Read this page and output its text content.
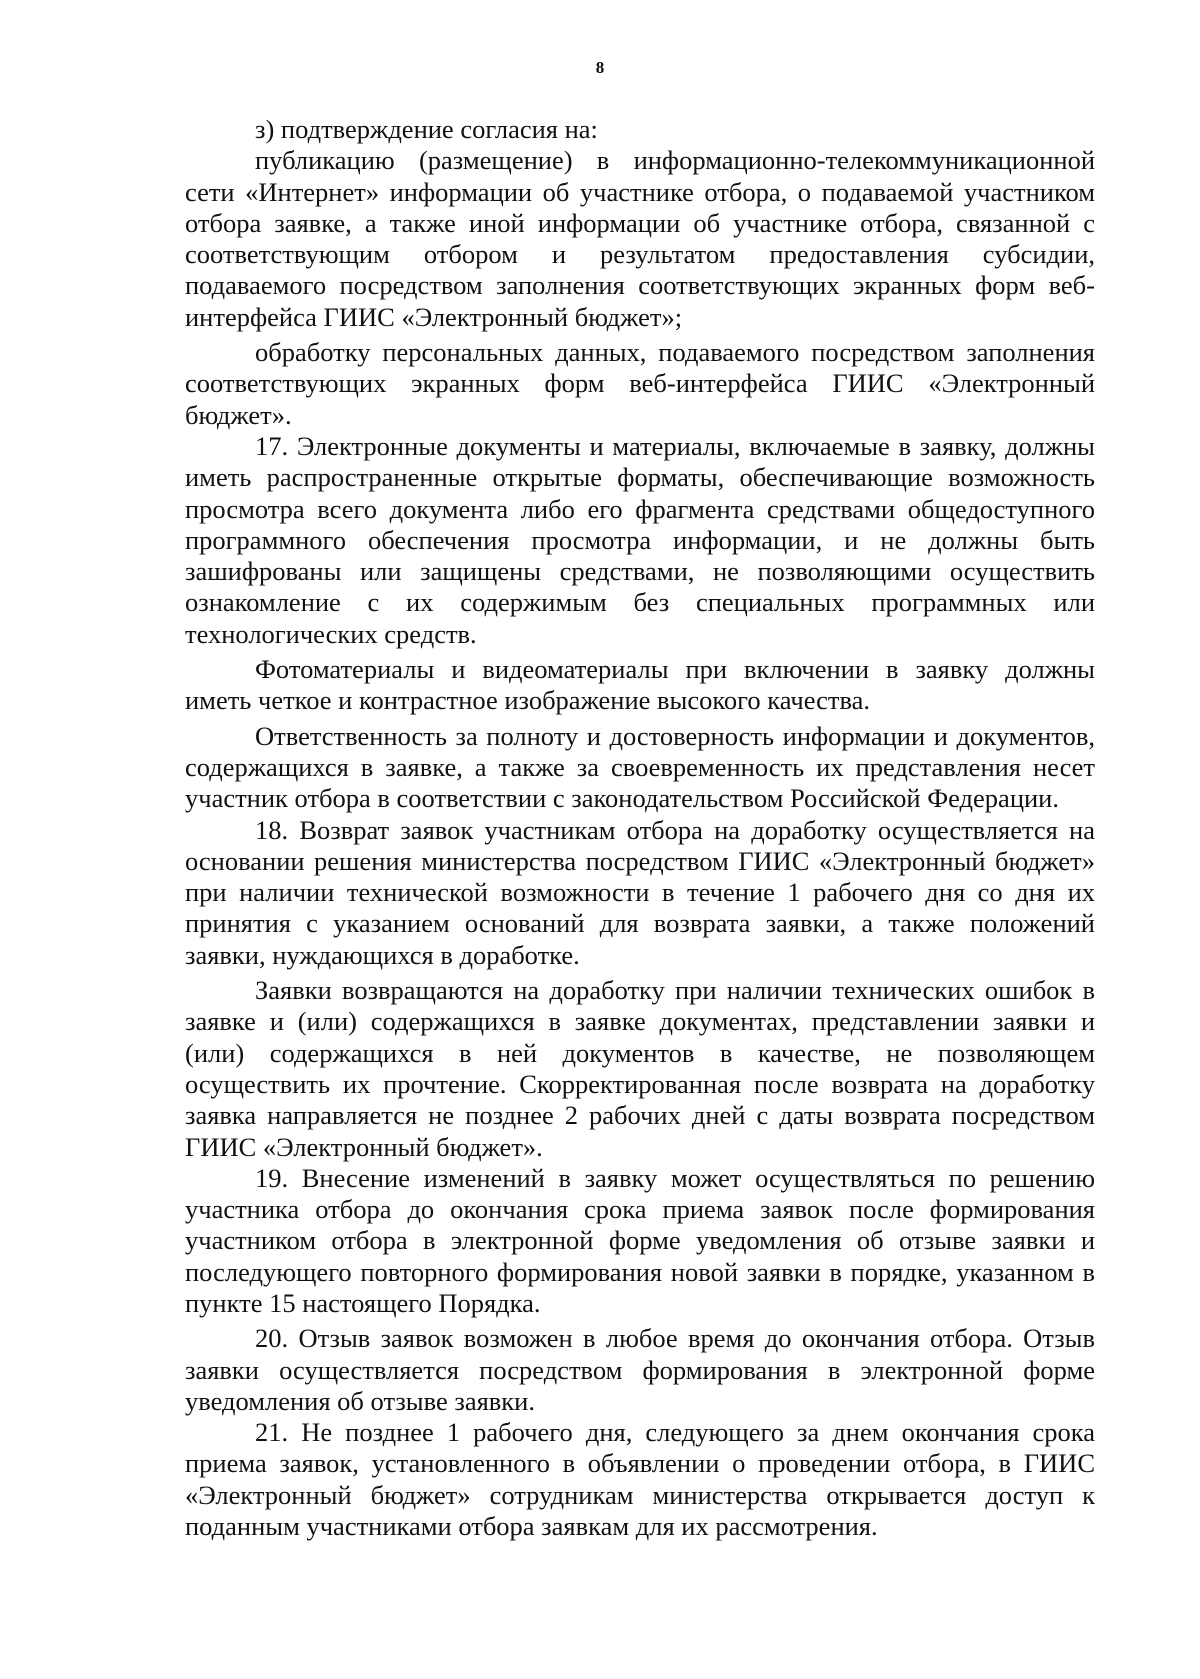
8

з) подтверждение согласия на:

публикацию (размещение) в информационно-телекоммуникационной сети «Интернет» информации об участнике отбора, о подаваемой участником отбора заявке, а также иной информации об участнике отбора, связанной с соответствующим отбором и результатом предоставления субсидии, подаваемого посредством заполнения соответствующих экранных форм веб-интерфейса ГИИС «Электронный бюджет»;

обработку персональных данных, подаваемого посредством заполнения соответствующих экранных форм веб-интерфейса ГИИС «Электронный бюджет».

17. Электронные документы и материалы, включаемые в заявку, должны иметь распространенные открытые форматы, обеспечивающие возможность просмотра всего документа либо его фрагмента средствами общедоступного программного обеспечения просмотра информации, и не должны быть зашифрованы или защищены средствами, не позволяющими осуществить ознакомление с их содержимым без специальных программных или технологических средств.

Фотоматериалы и видеоматериалы при включении в заявку должны иметь четкое и контрастное изображение высокого качества.

Ответственность за полноту и достоверность информации и документов, содержащихся в заявке, а также за своевременность их представления несет участник отбора в соответствии с законодательством Российской Федерации.

18. Возврат заявок участникам отбора на доработку осуществляется на основании решения министерства посредством ГИИС «Электронный бюджет» при наличии технической возможности в течение 1 рабочего дня со дня их принятия с указанием оснований для возврата заявки, а также положений заявки, нуждающихся в доработке.

Заявки возвращаются на доработку при наличии технических ошибок в заявке и (или) содержащихся в заявке документах, представлении заявки и (или) содержащихся в ней документов в качестве, не позволяющем осуществить их прочтение. Скорректированная после возврата на доработку заявка направляется не позднее 2 рабочих дней с даты возврата посредством ГИИС «Электронный бюджет».

19. Внесение изменений в заявку может осуществляться по решению участника отбора до окончания срока приема заявок после формирования участником отбора в электронной форме уведомления об отзыве заявки и последующего повторного формирования новой заявки в порядке, указанном в пункте 15 настоящего Порядка.

20. Отзыв заявок возможен в любое время до окончания отбора. Отзыв заявки осуществляется посредством формирования в электронной форме уведомления об отзыве заявки.

21. Не позднее 1 рабочего дня, следующего за днем окончания срока приема заявок, установленного в объявлении о проведении отбора, в ГИИС «Электронный бюджет» сотрудникам министерства открывается доступ к поданным участниками отбора заявкам для их рассмотрения.
